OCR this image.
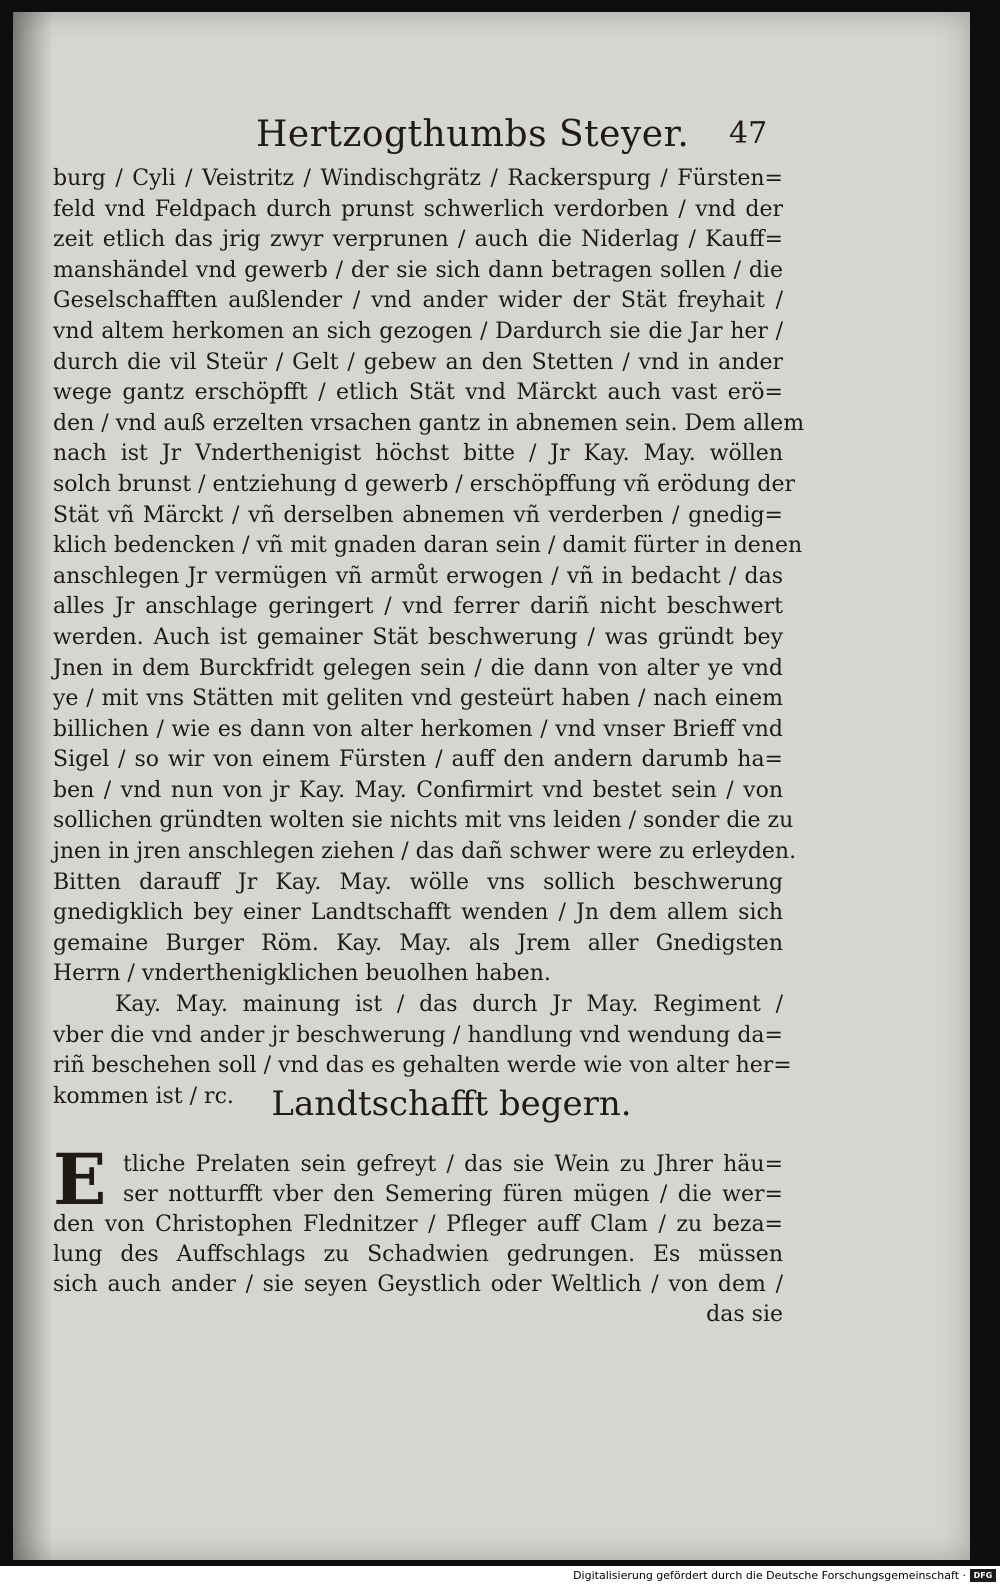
Hertzogthumbs Steyer. 47
burg / Cyli / Veistritz / Windischgrätz / Rackerspurg / Fürsten=
feld vnd Feldpach durch prunst schwerlich verdorben / vnd der
zeit etlich das jrig zwyr verprunen / auch die Niderlag / Kauff=
manshändel vnd gewerb / der sie sich dann betragen sollen / die
Geselschafften außlender / vnd ander wider der Stät freyhait /
vnd altem herkomen an sich gezogen / Dardurch sie die Jar her /
durch die vil Steür / Gelt / gebew an den Stetten / vnd in ander
wege gantz erschöpfft / etlich Stät vnd Märckt auch vast erö=
den / vnd auß erzelten vrsachen gantz in abnemen sein. Dem allem
nach ist Jr Vnderthenigist höchst bitte / Jr Kay. May. wöllen
solch brunst / entziehung d gewerb / erschöpffung vñ erödung der
Stät vñ Märckt / vñ derselben abnemen vñ verderben / gnedig=
klich bedencken / vñ mit gnaden daran sein / damit fürter in denen
anschlegen Jr vermügen vñ armůt erwogen / vñ in bedacht / das
alles Jr anschlage geringert / vnd ferrer dariñ nicht beschwert
werden. Auch ist gemainer Stät beschwerung / was gründt bey
Jnen in dem Burckfridt gelegen sein / die dann von alter ye vnd
ye / mit vns Stätten mit geliten vnd gesteürt haben / nach einem
billichen / wie es dann von alter herkomen / vnd vnser Brieff vnd
Sigel / so wir von einem Fürsten / auff den andern darumb ha=
ben / vnd nun von jr Kay. May. Confirmirt vnd bestet sein / von
sollichen gründten wolten sie nichts mit vns leiden / sonder die zu
jnen in jren anschlegen ziehen / das dañ schwer were zu erleyden.
Bitten darauff Jr Kay. May. wölle vns sollich beschwerung
gnedigklich bey einer Landtschafft wenden / Jn dem allem sich
gemaine Burger Röm. Kay. May. als Jrem aller Gnedigsten
Herrn / vnderthenigklichen beuolhen haben.
Kay. May. mainung ist / das durch Jr May. Regiment /
vber die vnd ander jr beschwerung / handlung vnd wendung da=
riñ beschehen soll / vnd das es gehalten werde wie von alter her=
kommen ist / rc.	Landtschafft begern.
E tliche Prelaten sein gefreyt / das sie Wein zu Jhrer häu=
ser notturfft vber den Semering füren mügen / die wer=
den von Christophen Flednitzer / Pfleger auff Clam / zu beza=
lung des Auffschlags zu Schadwien gedrungen. Es müssen
sich auch ander / sie seyen Geystlich oder Weltlich / von dem /
das sie
Digitalisierung gefördert durch die Deutsche Forschungsgemeinschaft · DFG
